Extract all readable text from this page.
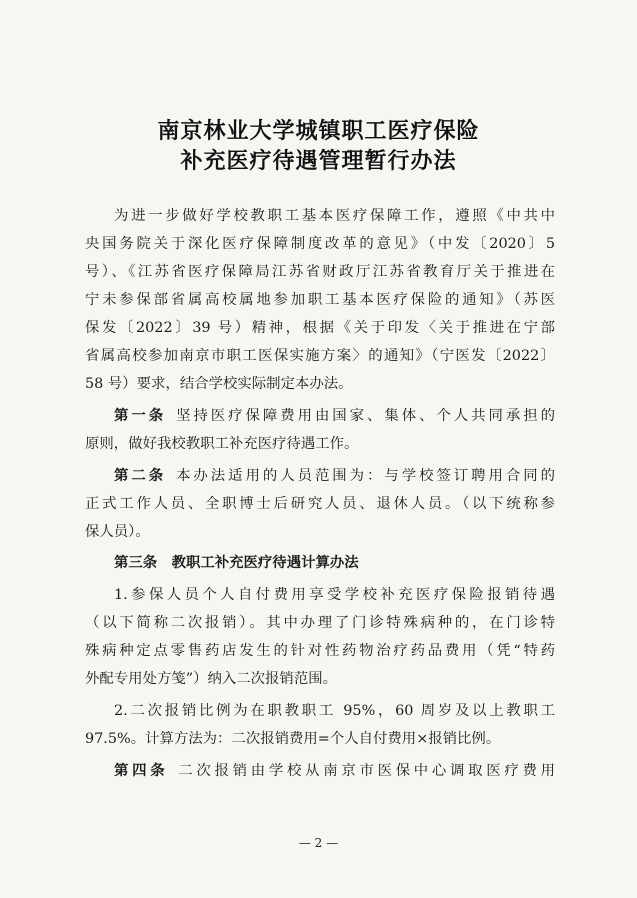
南京林业大学城镇职工医疗保险
补充医疗待遇管理暂行办法
为进一步做好学校教职工基本医疗保障工作，遵照《中共中
央国务院关于深化医疗保障制度改革的意见》（中发〔2020〕5
号）、《江苏省医疗保障局江苏省财政厅江苏省教育厅关于推进在
宁未参保部省属高校属地参加职工基本医疗保险的通知》（苏医
保发〔2022〕39 号）精神，根据《关于印发〈关于推进在宁部
省属高校参加南京市职工医保实施方案〉的通知》（宁医发〔2022〕
58 号）要求，结合学校实际制定本办法。
第一条 坚持医疗保障费用由国家、集体、个人共同承担的
原则，做好我校教职工补充医疗待遇工作。
第二条 本办法适用的人员范围为：与学校签订聘用合同的
正式工作人员、全职博士后研究人员、退休人员。（以下统称参
保人员）。
第三条　教职工补充医疗待遇计算办法
1.参保人员个人自付费用享受学校补充医疗保险报销待遇
（以下简称二次报销）。其中办理了门诊特殊病种的，在门诊特
殊病种定点零售药店发生的针对性药物治疗药品费用（凭“特药
外配专用处方笺”）纳入二次报销范围。
2.二次报销比例为在职教职工 95%，60 周岁及以上教职工
97.5%。计算方法为：二次报销费用=个人自付费用×报销比例。
第四条 二次报销由学校从南京市医保中心调取医疗费用
— 2 —
